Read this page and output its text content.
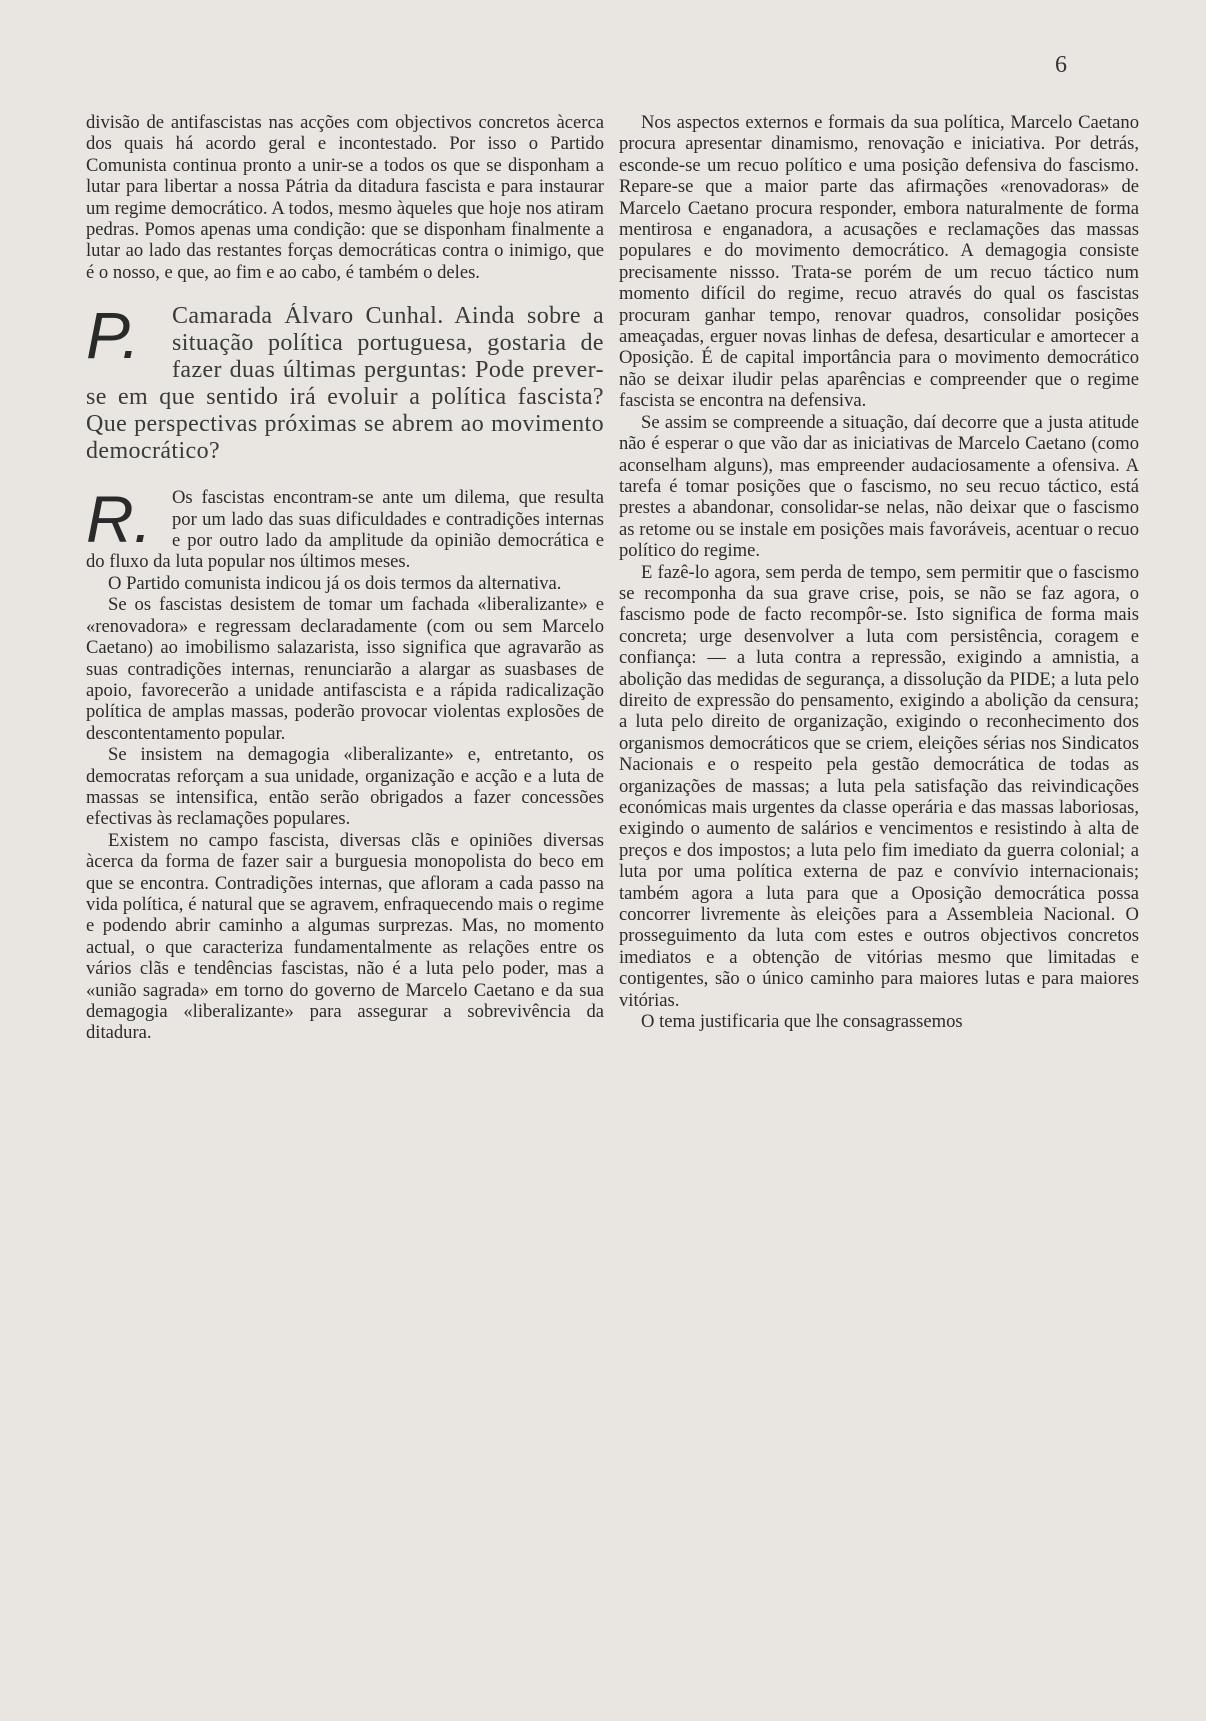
6

divisão de antifascistas nas acções com objectivos concretos àcerca dos quais há acordo geral e incontestado. Por isso o Partido Comunista continua pronto a unir-se a todos os que se disponham a lutar para libertar a nossa Pátria da ditadura fascista e para instaurar um regime democrático. A todos, mesmo àqueles que hoje nos atiram pedras. Pomos apenas uma condição: que se disponham finalmente a lutar ao lado das restantes forças democráticas contra o inimigo, que é o nosso, e que, ao fim e ao cabo, é também o deles.

P.	Camarada Álvaro Cunhal. Ainda sobre a situação política portuguesa, gostaria de fazer duas últimas perguntas: Pode prever-se em que sentido irá evoluir a política fascista? Que perspectivas próximas se abrem ao movimento democrático?

R.	Os fascistas encontram-se ante um dilema, que resulta por um lado das suas dificuldades e contradições internas e por outro lado da amplitude da opinião democrática e do fluxo da luta popular nos últimos meses.

O Partido comunista indicou já os dois termos da alternativa.

Se os fascistas desistem de tomar um fachada «liberalizante» e «renovadora» e regressam declaradamente (com ou sem Marcelo Caetano) ao imobilismo salazarista, isso significa que agravarão as suas contradições internas, renunciarão a alargar as suasbases de apoio, favorecerão a unidade antifascista e a rápida radicalização política de amplas massas, poderão provocar violentas explosões de descontentamento popular.

Se insistem na demagogia «liberalizante» e, entretanto, os democratas reforçam a sua unidade, organização e acção e a luta de massas se intensifica, então serão obrigados a fazer concessões efectivas às reclamações populares.

Existem no campo fascista, diversas clãs e opiniões diversas àcerca da forma de fazer sair a burguesia monopolista do beco em que se encontra. Contradições internas, que afloram a cada passo na vida política, é natural que se agravem, enfraquecendo mais o regime e podendo abrir caminho a algumas surprezas. Mas, no momento actual, o que caracteriza fundamentalmente as relações entre os vários clãs e tendências fascistas, não é a luta pelo poder, mas a «união sagrada» em torno do governo de Marcelo Caetano e da sua demagogia «liberalizante» para assegurar a sobrevivência da ditadura.

Nos aspectos externos e formais da sua política, Marcelo Caetano procura apresentar dinamismo, renovação e iniciativa. Por detrás, esconde-se um recuo político e uma posição defensiva do fascismo. Repare-se que a maior parte das afirmações «renovadoras» de Marcelo Caetano procura responder, embora naturalmente de forma mentirosa e enganadora, a acusações e reclamações das massas populares e do movimento democrático. A demagogia consiste precisamente nissso. Trata-se porém de um recuo táctico num momento difícil do regime, recuo através do qual os fascistas procuram ganhar tempo, renovar quadros, consolidar posições ameaçadas, erguer novas linhas de defesa, desarticular e amortecer a Oposição. É de capital importância para o movimento democrático não se deixar iludir pelas aparências e compreender que o regime fascista se encontra na defensiva.

Se assim se compreende a situação, daí decorre que a justa atitude não é esperar o que vão dar as iniciativas de Marcelo Caetano (como aconselham alguns), mas empreender audaciosamente a ofensiva. A tarefa é tomar posições que o fascismo, no seu recuo táctico, está prestes a abandonar, consolidar-se nelas, não deixar que o fascismo as retome ou se instale em posições mais favoráveis, acentuar o recuo político do regime.

E fazê-lo agora, sem perda de tempo, sem permitir que o fascismo se recomponha da sua grave crise, pois, se não se faz agora, o fascismo pode de facto recompôr-se. Isto significa de forma mais concreta; urge desenvolver a luta com persistência, coragem e confiança: — a luta contra a repressão, exigindo a amnistia, a abolição das medidas de segurança, a dissolução da PIDE; a luta pelo direito de expressão do pensamento, exigindo a abolição da censura; a luta pelo direito de organização, exigindo o reconhecimento dos organismos democráticos que se criem, eleições sérias nos Sindicatos Nacionais e o respeito pela gestão democrática de todas as organizações de massas; a luta pela satisfação das reivindicações económicas mais urgentes da classe operária e das massas laboriosas, exigindo o aumento de salários e vencimentos e resistindo à alta de preços e dos impostos; a luta pelo fim imediato da guerra colonial; a luta por uma política externa de paz e convívio internacionais; também agora a luta para que a Oposição democrática possa concorrer livremente às eleições para a Assembleia Nacional. O prosseguimento da luta com estes e outros objectivos concretos imediatos e a obtenção de vitórias mesmo que limitadas e contigentes, são o único caminho para maiores lutas e para maiores vitórias.

O tema justificaria que lhe consagrassemos
